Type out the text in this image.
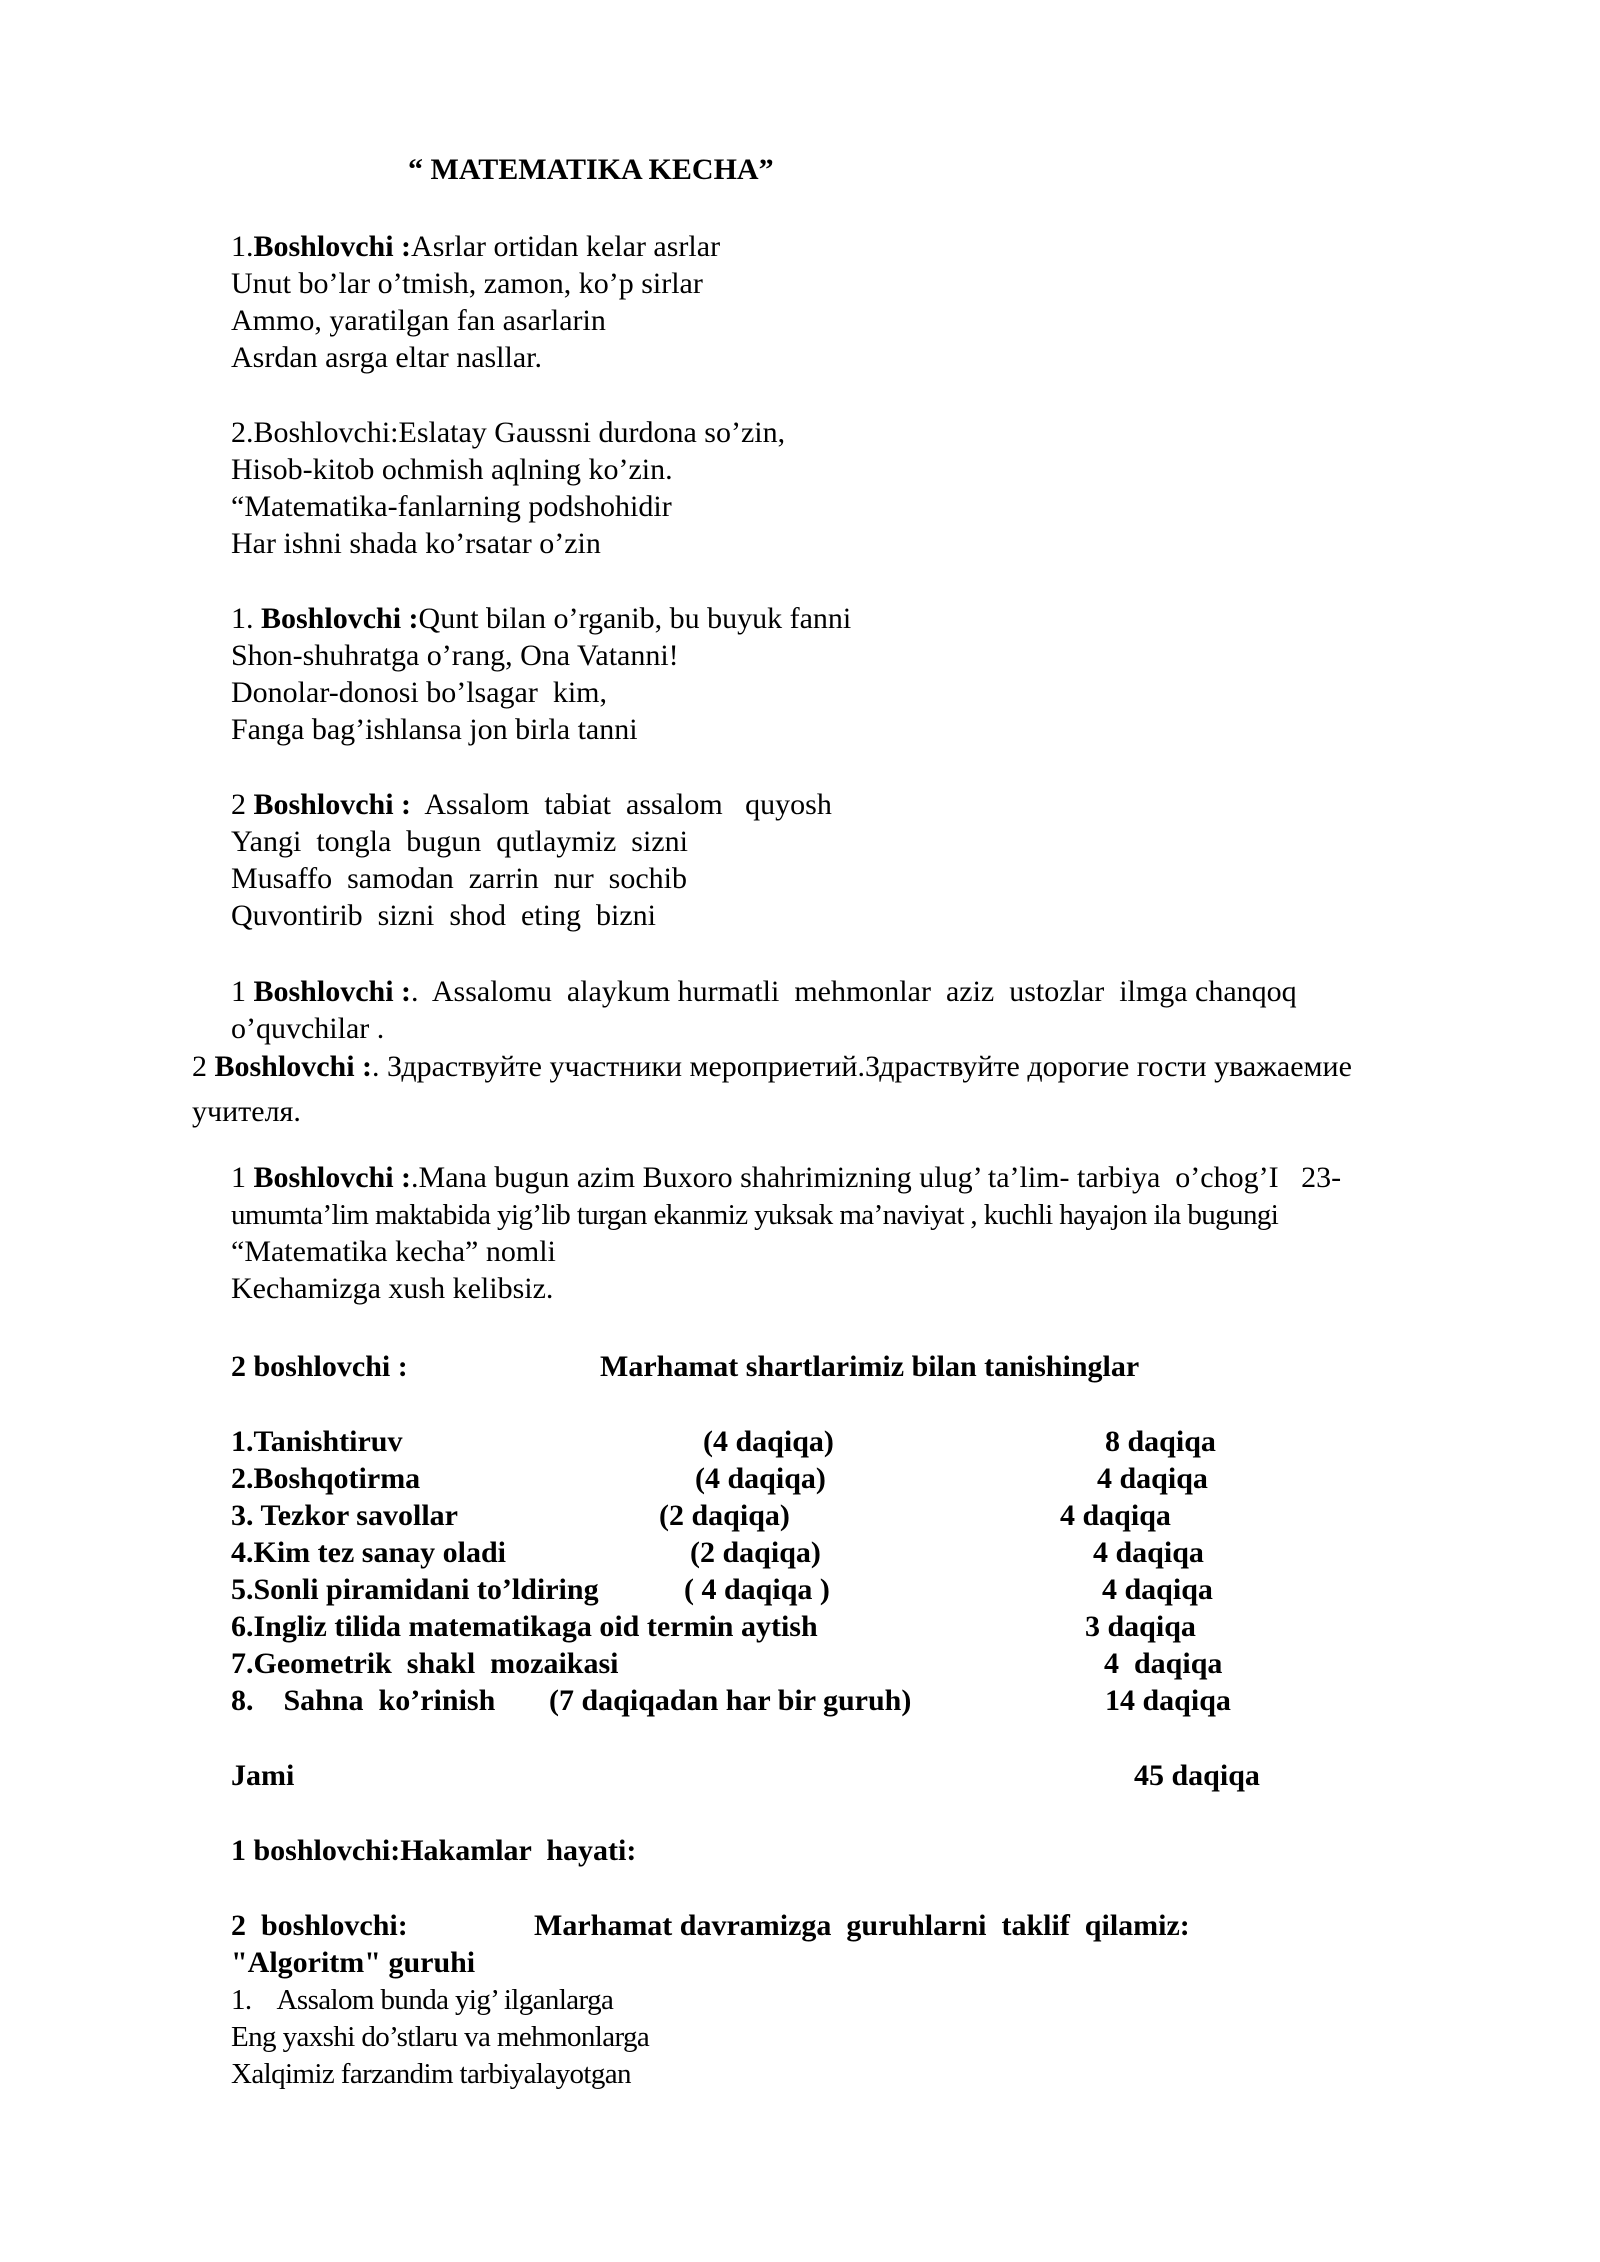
“ MATEMATIKA KECHA”
1.Boshlovchi :Asrlar ortidan kelar asrlar
Unut bo’lar o’tmish, zamon, ko’p sirlar
Ammo, yaratilgan fan asarlarin
Asrdan asrga eltar nasllar.
2.Boshlovchi:Eslatay Gaussni durdona so’zin,
Hisob-kitob ochmish aqlning ko’zin.
“Matematika-fanlarning podshohidir
Har ishni shada ko’rsatar o’zin
1. Boshlovchi :Qunt bilan o’rganib, bu buyuk fanni
Shon-shuhratga o’rang, Ona Vatanni!
Donolar-donosi bo’lsagar  kim,
Fanga bag’ishlansa jon birla tanni
2 Boshlovchi :  Assalom  tabiat  assalom   quyosh
Yangi  tongla  bugun  qutlaymiz  sizni
Musaffo  samodan  zarrin  nur  sochib
Quvontirib  sizni  shod  eting  bizni
1 Boshlovchi :.  Assalomu  alaykum hurmatli  mehmonlar  aziz  ustozlar  ilmga chanqoq
o’quvchilar .
2 Boshlovchi :. Здраствуйте участники мероприетий.Здраствуйте дорогие гости уважаемие
учителя.
1 Boshlovchi :.Mana bugun azim Buxoro shahrimizning ulug’ ta’lim- tarbiya  o’chog’I   23-
umumta’lim maktabida yig’lib turgan ekanmiz yuksak ma’naviyat , kuchli hayajon ila bugungi
“Matematika kecha” nomli
Kechamizga xush kelibsiz.
2 boshlovchi :	Marhamat shartlarimiz bilan tanishinglar
1.Tanishtiruv	(4 daqiqa)	8 daqiqa
2.Boshqotirma	(4 daqiqa)	4 daqiqa
3. Tezkor savollar	(2 daqiqa)	4 daqiqa
4.Kim tez sanay oladi	(2 daqiqa)	4 daqiqa
5.Sonli piramidani to’ldiring	( 4 daqiqa )	4 daqiqa
6.Ingliz tilida matematikaga oid termin aytish	3 daqiqa
7.Geometrik  shakl  mozaikasi	4  daqiqa
8.    Sahna  ko’rinish (7 daqiqadan har bir guruh)	14 daqiqa
Jami	45 daqiqa
1 boshlovchi:Hakamlar  hayati:
2  boshlovchi:	Marhamat davramizga  guruhlarni  taklif  qilamiz:
"Algoritm" guruhi
1.    Assalom bunda yig’ ilganlarga
Eng yaxshi do’stlaru va mehmonlarga
Xalqimiz farzandim tarbiyalayotgan
